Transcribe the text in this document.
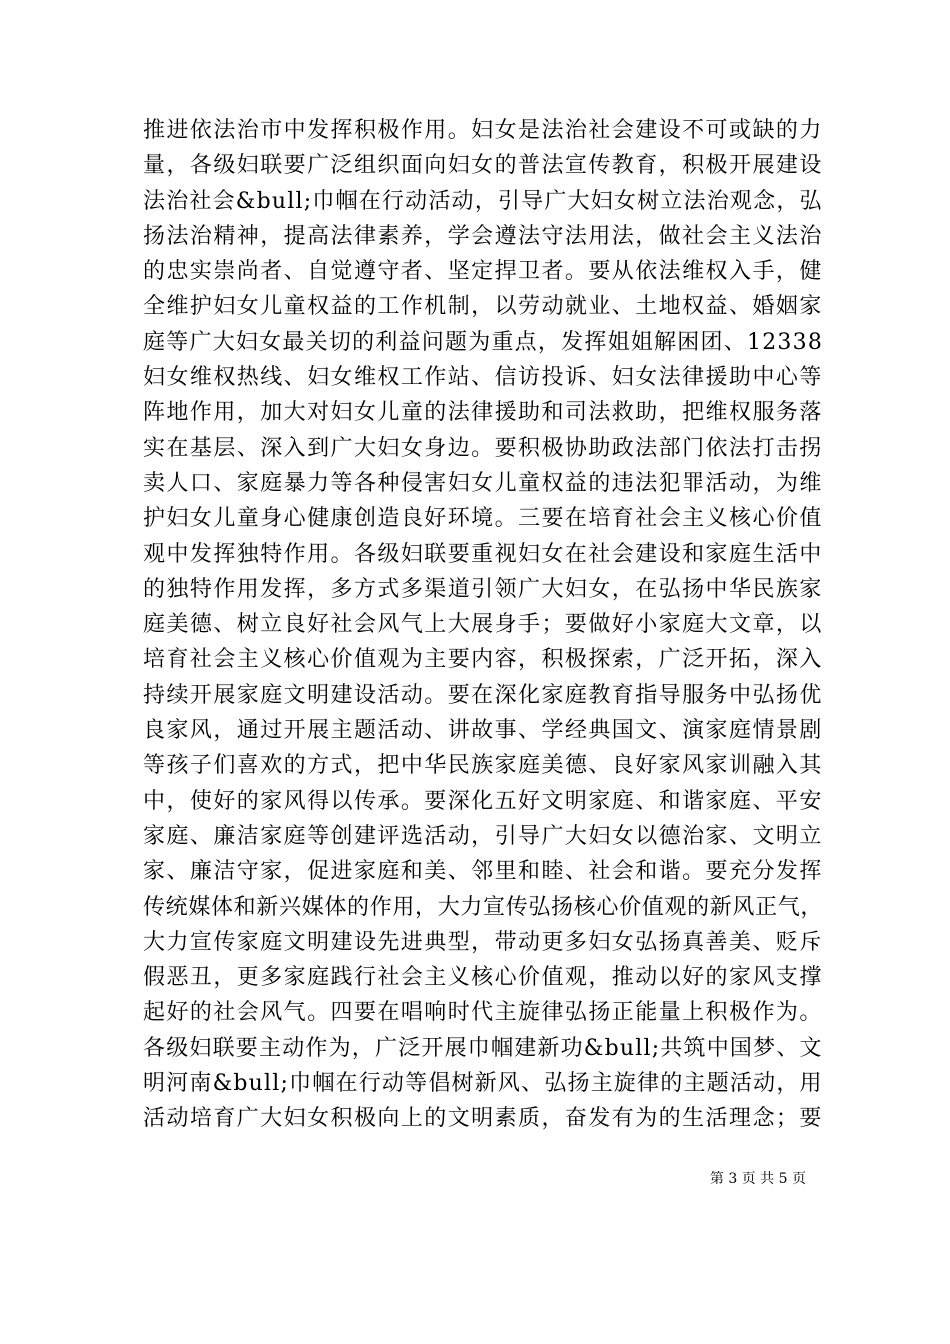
推进依法治市中发挥积极作用。妇女是法治社会建设不可或缺的力
量，各级妇联要广泛组织面向妇女的普法宣传教育，积极开展建设
法治社会&bull;巾帼在行动活动，引导广大妇女树立法治观念，弘
扬法治精神，提高法律素养，学会遵法守法用法，做社会主义法治
的忠实崇尚者、自觉遵守者、坚定捍卫者。要从依法维权入手，健
全维护妇女儿童权益的工作机制，以劳动就业、土地权益、婚姻家
庭等广大妇女最关切的利益问题为重点，发挥姐姐解困团、12338
妇女维权热线、妇女维权工作站、信访投诉、妇女法律援助中心等
阵地作用，加大对妇女儿童的法律援助和司法救助，把维权服务落
实在基层、深入到广大妇女身边。要积极协助政法部门依法打击拐
卖人口、家庭暴力等各种侵害妇女儿童权益的违法犯罪活动，为维
护妇女儿童身心健康创造良好环境。三要在培育社会主义核心价值
观中发挥独特作用。各级妇联要重视妇女在社会建设和家庭生活中
的独特作用发挥，多方式多渠道引领广大妇女，在弘扬中华民族家
庭美德、树立良好社会风气上大展身手；要做好小家庭大文章，以
培育社会主义核心价值观为主要内容，积极探索，广泛开拓，深入
持续开展家庭文明建设活动。要在深化家庭教育指导服务中弘扬优
良家风，通过开展主题活动、讲故事、学经典国文、演家庭情景剧
等孩子们喜欢的方式，把中华民族家庭美德、良好家风家训融入其
中，使好的家风得以传承。要深化五好文明家庭、和谐家庭、平安
家庭、廉洁家庭等创建评选活动，引导广大妇女以德治家、文明立
家、廉洁守家，促进家庭和美、邻里和睦、社会和谐。要充分发挥
传统媒体和新兴媒体的作用，大力宣传弘扬核心价值观的新风正气，
大力宣传家庭文明建设先进典型，带动更多妇女弘扬真善美、贬斥
假恶丑，更多家庭践行社会主义核心价值观，推动以好的家风支撑
起好的社会风气。四要在唱响时代主旋律弘扬正能量上积极作为。
各级妇联要主动作为，广泛开展巾帼建新功&bull;共筑中国梦、文
明河南&bull;巾帼在行动等倡树新风、弘扬主旋律的主题活动，用
活动培育广大妇女积极向上的文明素质，奋发有为的生活理念；要
第 3 页 共 5 页
